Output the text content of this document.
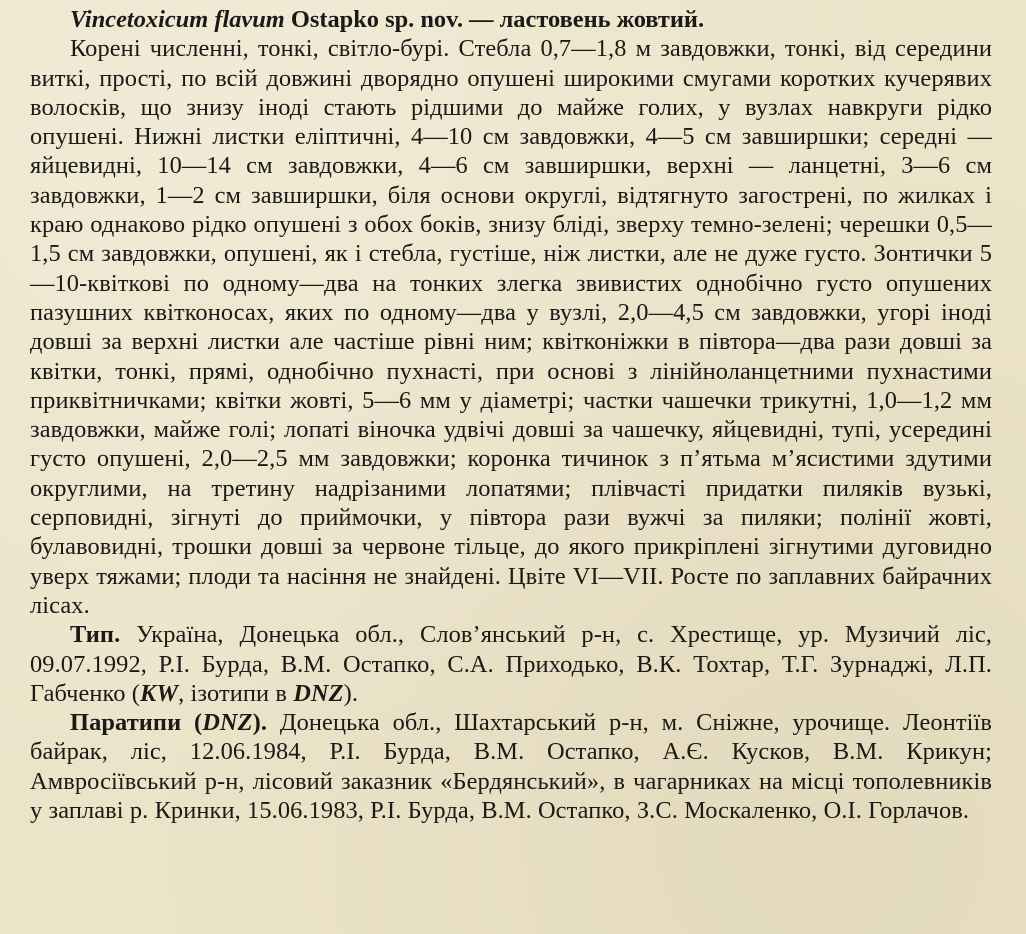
Vincetoxicum flavum Ostapko sp. nov. — ластовень жовтий.

Корені численні, тонкі, світло-бурі. Стебла 0,7—1,8 м завдовжки, тонкі, від середини виткі, прості, по всій довжині дворядно опушені широкими смугами коротких кучерявих волосків, що знизу іноді стають рідшими до майже голих, у вузлах навкруги рідко опушені. Нижні листки еліптичні, 4—10 см завдовжки, 4—5 см завширшки; середні — яйцевидні, 10—14 см завдовжки, 4—6 см завширшки, верхні — ланцетні, 3—6 см завдовжки, 1—2 см завширшки, біля основи округлі, відтягнуто загострені, по жилках і краю однаково рідко опушені з обох боків, знизу бліді, зверху темно-зелені; черешки 0,5—1,5 см завдовжки, опушені, як і стебла, густіше, ніж листки, але не дуже густо. Зонтички 5—10-квіткові по одному—два на тонких злегка звивистих однобічно густо опушених пазушних квітконосах, яких по одному—два у вузлі, 2,0—4,5 см завдовжки, угорі іноді довші за верхні листки але частіше рівні ним; квітконіжки в півтора—два рази довші за квітки, тонкі, прямі, однобічно пухнасті, при основі з лінійноланцетними пухнастими приквітничками; квітки жовті, 5—6 мм у діаметрі; частки чашечки трикутні, 1,0—1,2 мм завдовжки, майже голі; лопаті віночка удвічі довші за чашечку, яйцевидні, тупі, усередині густо опушені, 2,0—2,5 мм завдовжки; коронка тичинок з п’ятьма м’ясистими здутими округлими, на третину надрізаними лопатями; плівчасті придатки пиляків вузькі, серповидні, зігнуті до приймочки, у півтора рази вужчі за пиляки; полінії жовті, булавовидні, трошки довші за червоне тільце, до якого прикріплені зігнутими дуговидно уверх тяжами; плоди та насіння не знайдені. Цвіте VI—VII. Росте по заплавних байрачних лісах.

Тип. Україна, Донецька обл., Слов’янський р-н, с. Хрестище, ур. Музичий ліс, 09.07.1992, Р.І. Бурда, В.М. Остапко, С.А. Приходько, В.К. Тохтар, Т.Г. Зурнаджі, Л.П. Габченко (KW, ізотипи в DNZ).

Паратипи (DNZ). Донецька обл., Шахтарський р-н, м. Сніжне, урочище. Леонтіїв байрак, ліс, 12.06.1984, Р.І. Бурда, В.М. Остапко, А.Є. Кусков, В.М. Крикун; Амвросіївський р-н, лісовий заказник «Бердянський», в чагарниках на місці тополевників у заплаві р. Кринки, 15.06.1983, Р.І. Бурда, В.М. Остапко, З.С. Москаленко, О.І. Горлачов.
